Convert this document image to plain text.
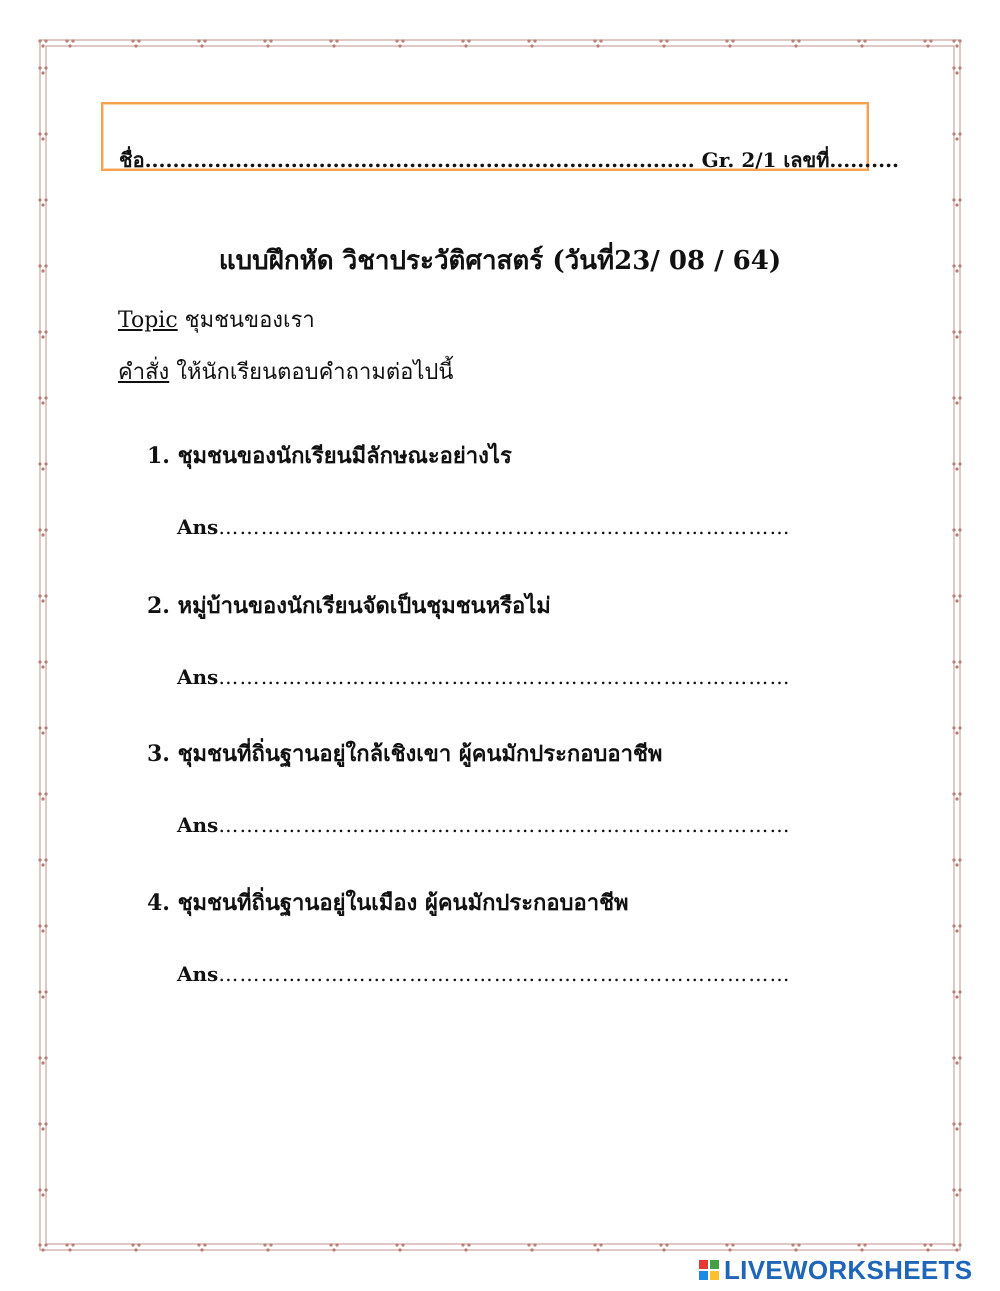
ชื่อ............................................................................... Gr. 2/1 เลขที่..........
แบบฝึกหัด วิชาประวัติศาสตร์ (วันที่23/ 08 / 64)
Topic ชุมชนของเรา
คำสั่ง ให้นักเรียนตอบคำถามต่อไปนี้
1. ชุมชนของนักเรียนมีลักษณะอย่างไร
Ans………………………………………………………………………
2. หมู่บ้านของนักเรียนจัดเป็นชุมชนหรือไม่
Ans………………………………………………………………………
3. ชุมชนที่ถิ่นฐานอยู่ใกล้เชิงเขา ผู้คนมักประกอบอาชีพ
Ans………………………………………………………………………
4. ชุมชนที่ถิ่นฐานอยู่ในเมือง ผู้คนมักประกอบอาชีพ
Ans………………………………………………………………………
LIVEWORKSHEETS
